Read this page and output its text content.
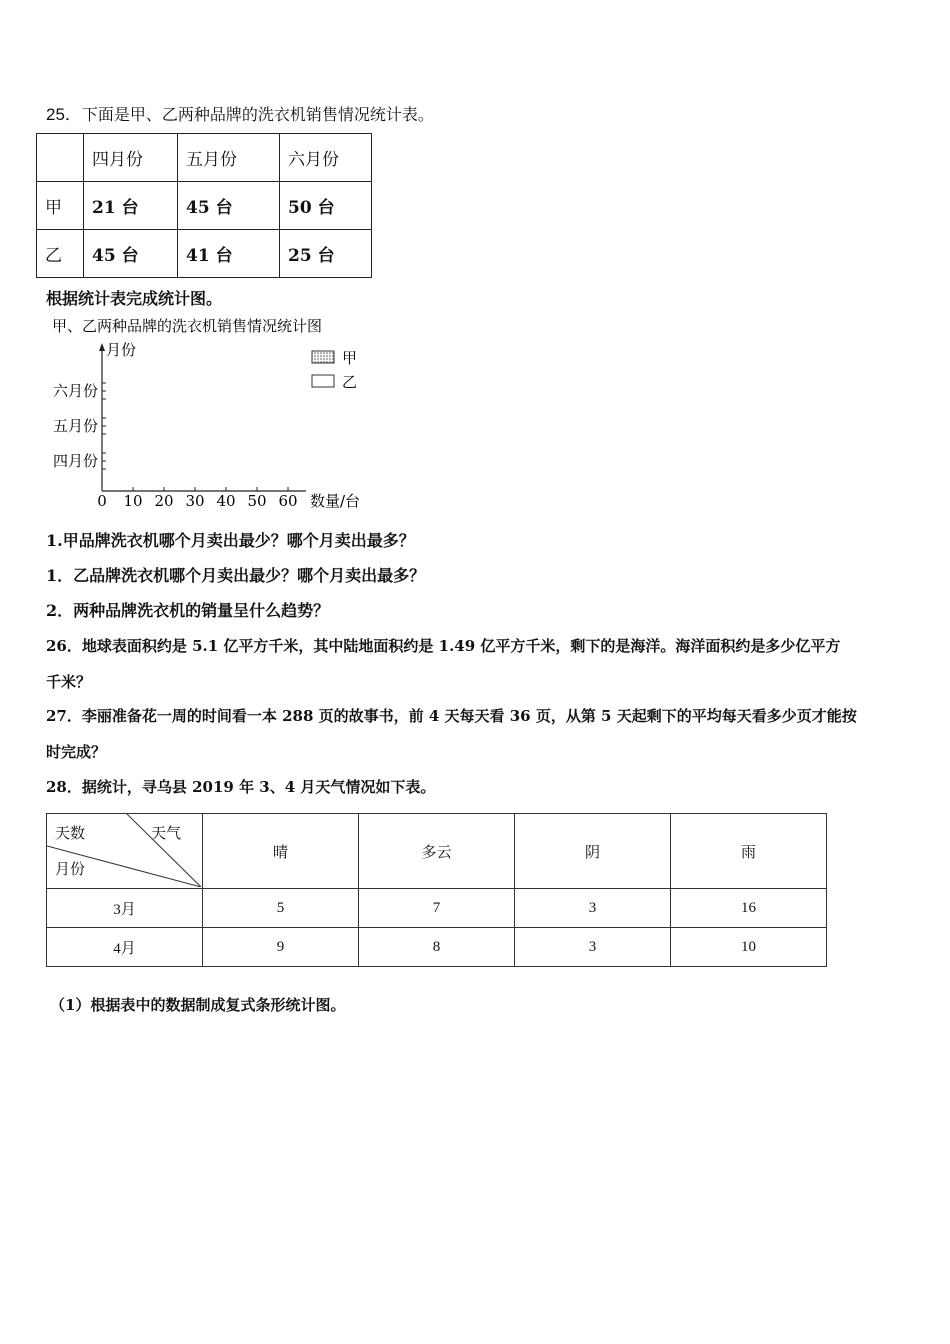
25．下面是甲、乙两种品牌的洗衣机销售情况统计表。
	四月份	五月份	六月份
甲	21 台	45 台	50 台
乙	45 台	41 台	25 台
根据统计表完成统计图。
甲、乙两种品牌的洗衣机销售情况统计图
月份
数量/台
四月份
五月份
六月份
0 10 20 30 40 50 60
甲
乙
1.甲品牌洗衣机哪个月卖出最少？哪个月卖出最多？
1．乙品牌洗衣机哪个月卖出最少？哪个月卖出最多？
2．两种品牌洗衣机的销量呈什么趋势？
26．地球表面积约是 5.1 亿平方千米，其中陆地面积约是 1.49 亿平方千米，剩下的是海洋。海洋面积约是多少亿平方
千米？
27．李丽准备花一周的时间看一本 288 页的故事书，前 4 天每天看 36 页，从第 5 天起剩下的平均每天看多少页才能按
时完成？
28．据统计，寻乌县 2019 年 3、4 月天气情况如下表。
天数 天气
月份	晴	多云	阴	雨
3月	5	7	3	16
4月	9	8	3	10
（1）根据表中的数据制成复式条形统计图。
